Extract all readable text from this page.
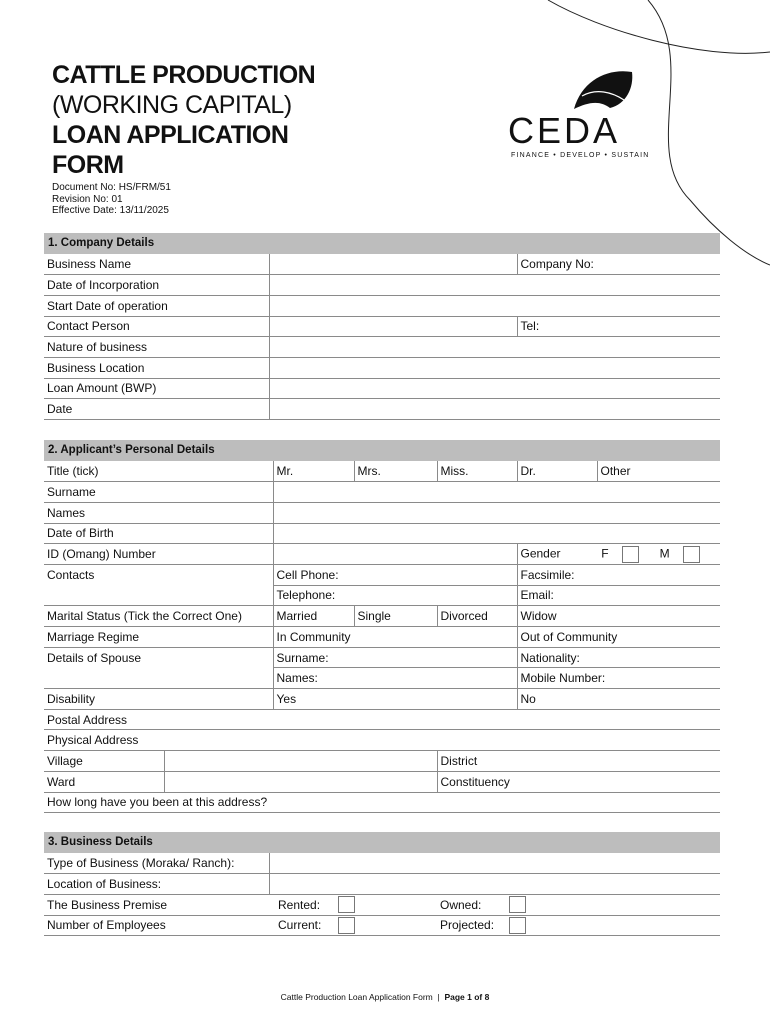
CATTLE PRODUCTION
(WORKING CAPITAL)
LOAN APPLICATION
FORM
Document No: HS/FRM/51
Revision No: 01
Effective Date: 13/11/2025
CEDA
FINANCE • DEVELOP • SUSTAIN
1. Company Details
Business Name		Company No:
Date of Incorporation		
Start Date of operation		
Contact Person		Tel:
Nature of business		
Business Location		
Loan Amount (BWP)		
Date		
2. Applicant’s Personal Details
Title (tick)		Mr.	Mrs.	Miss.	Dr.	Other
Surname						
Names						
Date of Birth						
ID (Omang) Number					Gender F M	
Contacts		Cell Phone:			Facsimile:	
		Telephone:			Email:	
Marital Status (Tick the Correct One)		Married	Single	Divorced	Widow	
Marriage Regime		In Community			Out of Community	
Details of Spouse		Surname:			Nationality:	
		Names:			Mobile Number:	
Disability		Yes			No	
Postal Address						
Physical Address						
Village				District		
Ward				Constituency		
How long have you been at this address?						
3. Business Details
Type of Business (Moraka/ Ranch):				
Location of Business:				
The Business Premise	Rented:		Owned:	
Number of Employees	Current:		Projected:	
Cattle Production Loan Application Form | Page 1 of 8
